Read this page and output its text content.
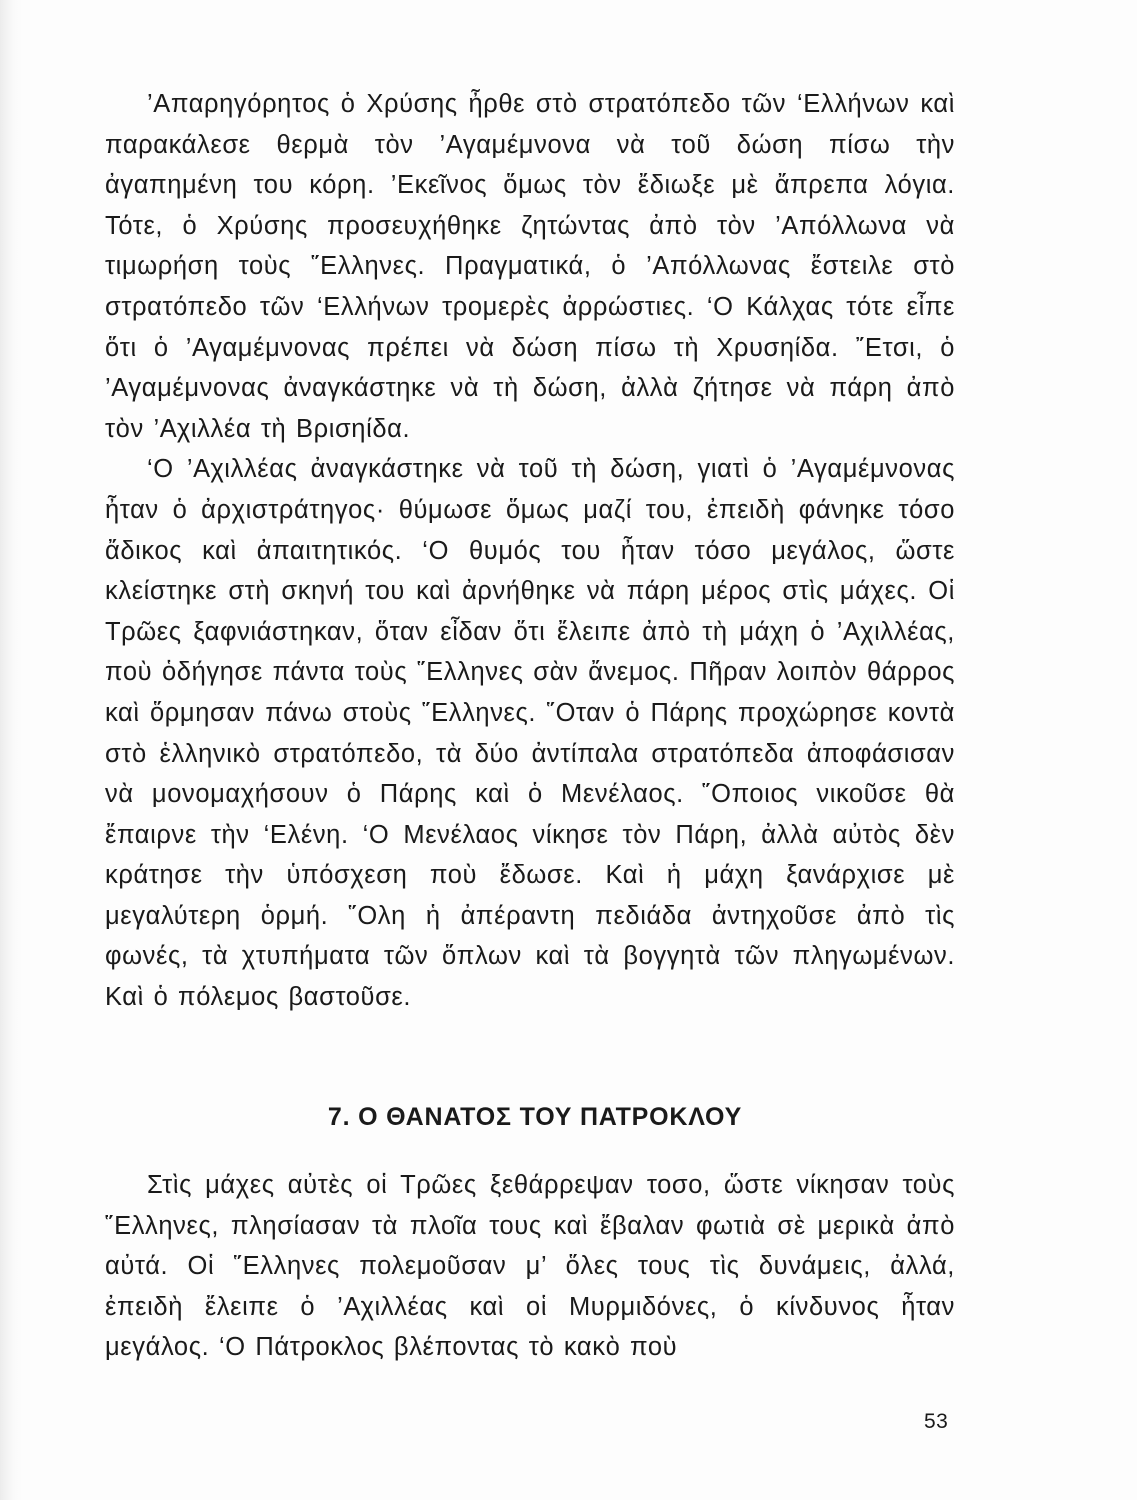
’Απαρηγόρητος ὁ Χρύσης ἦρθε στὸ στρατόπεδο τῶν ‘Ελλήνων καὶ παρακάλεσε θερμὰ τὸν ’Αγαμέμνονα νὰ τοῦ δώση πίσω τὴν ἀγαπημένη του κόρη. ’Εκεῖνος ὅμως τὸν ἔδιωξε μὲ ἄπρεπα λόγια. Τότε, ὁ Χρύσης προσευχήθηκε ζητώντας ἀπὸ τὸν ’Απόλλωνα νὰ τιμωρήση τοὺς ῞Ελληνες. Πραγματικά, ὁ ’Απόλλωνας ἔστειλε στὸ στρατόπεδο τῶν ‘Ελλήνων τρομερὲς ἀρρώστιες. ‘Ο Κάλχας τότε εἶπε ὅτι ὁ ’Αγαμέμνονας πρέπει νὰ δώση πίσω τὴ Χρυσηίδα. ῎Ετσι, ὁ ’Αγαμέμνονας ἀναγκάστηκε νὰ τὴ δώση, ἀλλὰ ζήτησε νὰ πάρη ἀπὸ τὸν ’Αχιλλέα τὴ Βρισηίδα.

‘Ο ’Αχιλλέας ἀναγκάστηκε νὰ τοῦ τὴ δώση, γιατὶ ὁ ’Αγαμέμνονας ἦταν ὁ ἀρχιστράτηγος· θύμωσε ὅμως μαζί του, ἐπειδὴ φάνηκε τόσο ἄδικος καὶ ἀπαιτητικός. ‘Ο θυμός του ἦταν τόσο μεγάλος, ὥστε κλείστηκε στὴ σκηνή του καὶ ἀρνήθηκε νὰ πάρη μέρος στὶς μάχες. Οἱ Τρῶες ξαφνιάστηκαν, ὅταν εἶδαν ὅτι ἔλειπε ἀπὸ τὴ μάχη ὁ ’Αχιλλέας, ποὺ ὁδήγησε πάντα τοὺς ῞Ελληνες σὰν ἄνεμος. Πῆραν λοιπὸν θάρρος καὶ ὅρμησαν πάνω στοὺς ῞Ελληνες. ῞Οταν ὁ Πάρης προχώρησε κοντὰ στὸ ἑλληνικὸ στρατόπεδο, τὰ δύο ἀντίπαλα στρατόπεδα ἀποφάσισαν νὰ μονομαχήσουν ὁ Πάρης καὶ ὁ Μενέλαος. ῞Οποιος νικοῦσε θὰ ἔπαιρνε τὴν ‘Ελένη. ‘Ο Μενέλαος νίκησε τὸν Πάρη, ἀλλὰ αὐτὸς δὲν κράτησε τὴν ὑπόσχεση ποὺ ἔδωσε. Καὶ ἡ μάχη ξανάρχισε μὲ μεγαλύτερη ὁρμή. ῞Ολη ἡ ἀπέραντη πεδιάδα ἀντηχοῦσε ἀπὸ τὶς φωνές, τὰ χτυπήματα τῶν ὅπλων καὶ τὰ βογγητὰ τῶν πληγωμένων. Καὶ ὁ πόλεμος βαστοῦσε.

7. Ο ΘΑΝΑΤΟΣ ΤΟΥ ΠΑΤΡΟΚΛΟΥ

Στὶς μάχες αὐτὲς οἱ Τρῶες ξεθάρρεψαν τοσο, ὥστε νίκησαν τοὺς ῞Ελληνες, πλησίασαν τὰ πλοῖα τους καὶ ἔβαλαν φωτιὰ σὲ μερικὰ ἀπὸ αὐτά. Οἱ ῞Ελληνες πολεμοῦσαν μ’ ὅλες τους τὶς δυνάμεις, ἀλλά, ἐπειδὴ ἔλειπε ὁ ’Αχιλλέας καὶ οἱ Μυρμιδόνες, ὁ κίνδυνος ἦταν μεγάλος. ‘Ο Πάτροκλος βλέποντας τὸ κακὸ ποὺ

53
